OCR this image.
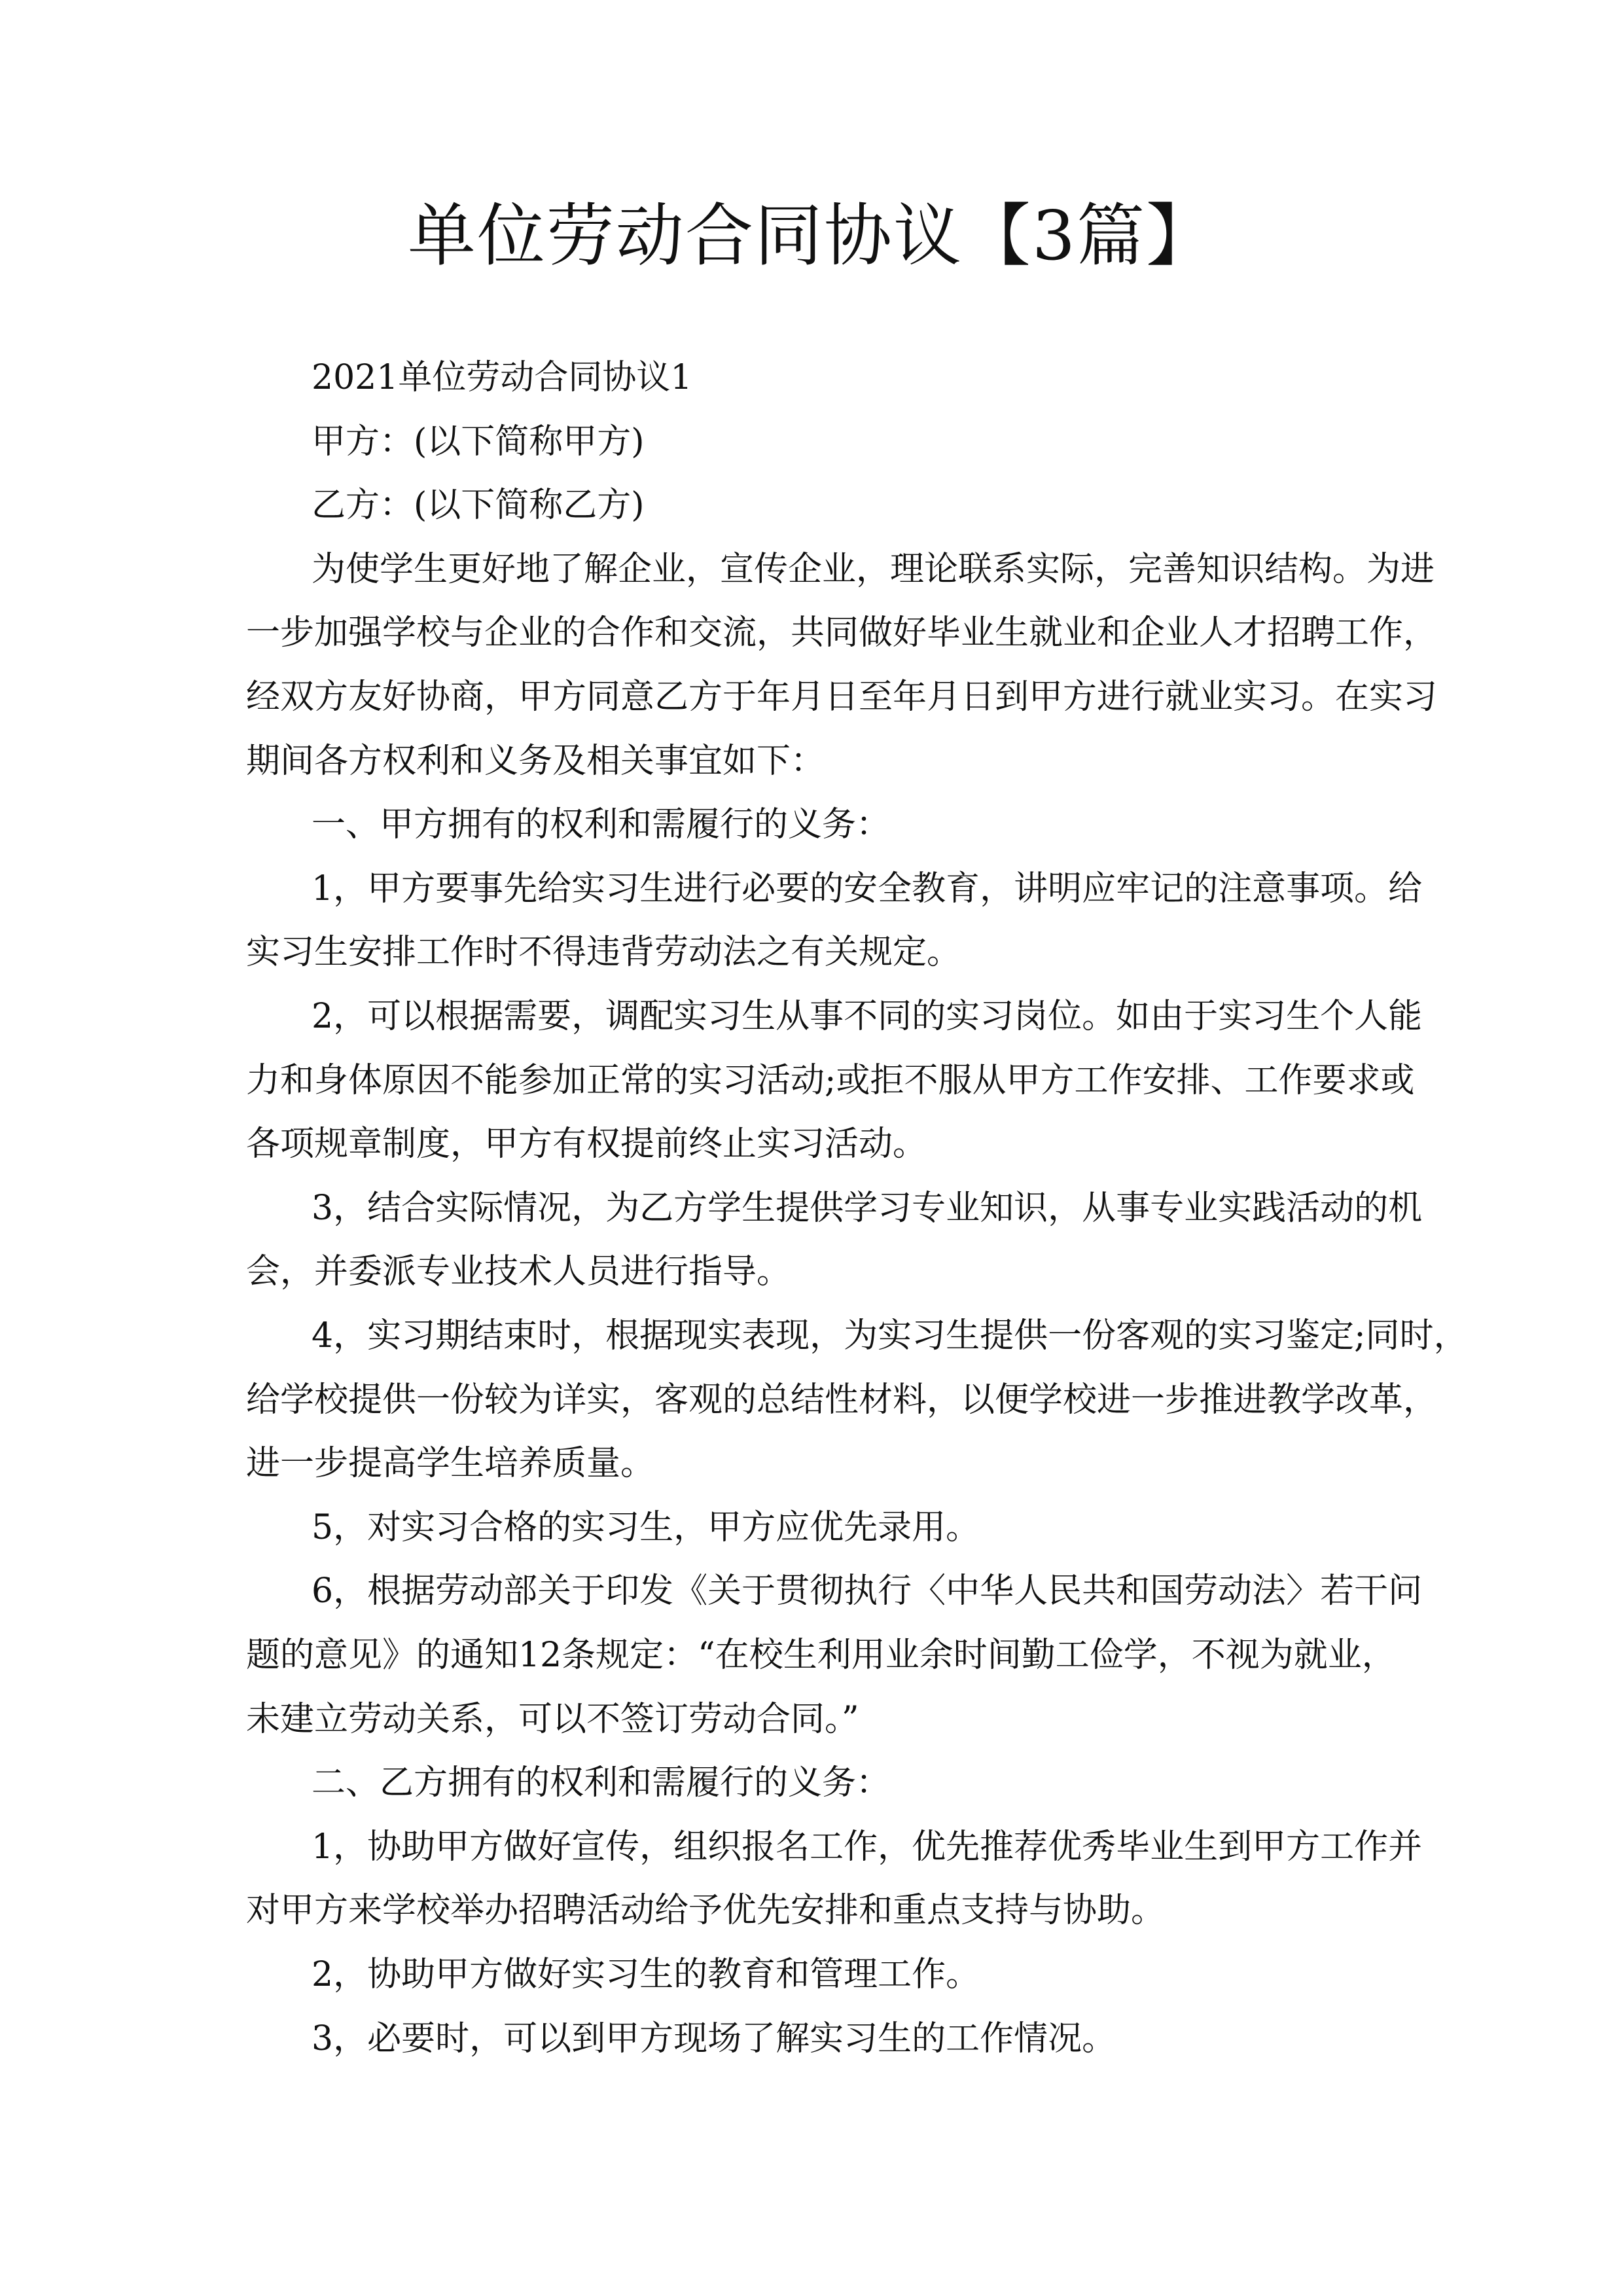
单位劳动合同协议【3篇】
2021单位劳动合同协议1
甲方：(以下简称甲方)
乙方：(以下简称乙方)
为使学生更好地了解企业，宣传企业，理论联系实际，完善知识结构。为进
一步加强学校与企业的合作和交流，共同做好毕业生就业和企业人才招聘工作，
经双方友好协商，甲方同意乙方于年月日至年月日到甲方进行就业实习。在实习
期间各方权利和义务及相关事宜如下：
一、甲方拥有的权利和需履行的义务：
1，甲方要事先给实习生进行必要的安全教育，讲明应牢记的注意事项。给
实习生安排工作时不得违背劳动法之有关规定。
2，可以根据需要，调配实习生从事不同的实习岗位。如由于实习生个人能
力和身体原因不能参加正常的实习活动;或拒不服从甲方工作安排、工作要求或
各项规章制度，甲方有权提前终止实习活动。
3，结合实际情况，为乙方学生提供学习专业知识，从事专业实践活动的机
会，并委派专业技术人员进行指导。
4，实习期结束时，根据现实表现，为实习生提供一份客观的实习鉴定;同时，
给学校提供一份较为详实，客观的总结性材料，以便学校进一步推进教学改革，
进一步提高学生培养质量。
5，对实习合格的实习生，甲方应优先录用。
6，根据劳动部关于印发《关于贯彻执行〈中华人民共和国劳动法〉若干问
题的意见》的通知12条规定：“在校生利用业余时间勤工俭学，不视为就业，
未建立劳动关系，可以不签订劳动合同。”
二、乙方拥有的权利和需履行的义务：
1，协助甲方做好宣传，组织报名工作，优先推荐优秀毕业生到甲方工作并
对甲方来学校举办招聘活动给予优先安排和重点支持与协助。
2，协助甲方做好实习生的教育和管理工作。
3，必要时，可以到甲方现场了解实习生的工作情况。
